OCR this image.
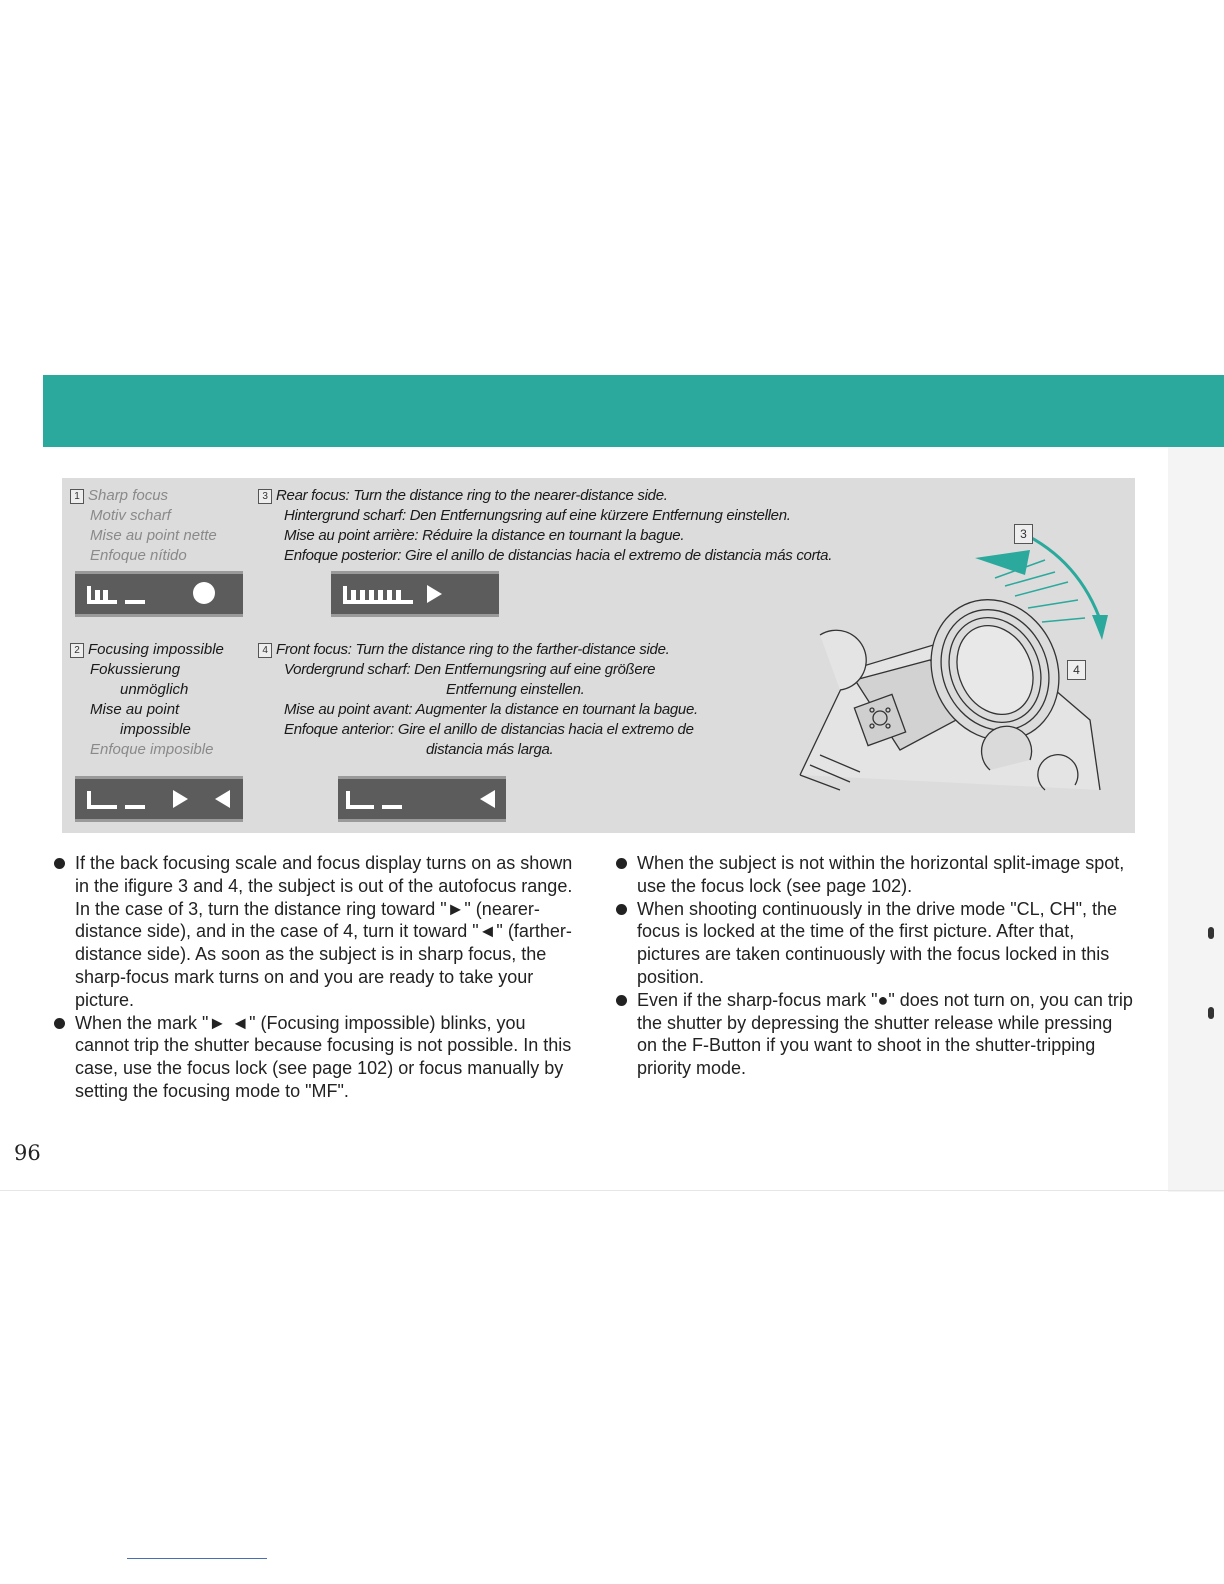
1 Sharp focus
Motiv scharf
Mise au point nette
Enfoque nítido
2 Focusing impossible
Fokussierung
unmöglich
Mise au point
impossible
Enfoque imposible
3 Rear focus: Turn the distance ring to the nearer-distance side.
Hintergrund scharf: Den Entfernungsring auf eine kürzere Entfernung einstellen.
Mise au point arrière: Réduire la distance en tournant la bague.
Enfoque posterior: Gire el anillo de distancias hacia el extremo de distancia más corta.
4 Front focus: Turn the distance ring to the farther-distance side.
Vordergrund scharf: Den Entfernungsring auf eine größere
Entfernung einstellen.
Mise au point avant: Augmenter la distance en tournant la bague.
Enfoque anterior: Gire el anillo de distancias hacia el extremo de
distancia más larga.
3
4
If the back focusing scale and focus display turns on as shown in the ifigure 3 and 4, the subject is out of the autofocus range. In the case of 3, turn the distance ring toward "►" (nearer-distance side), and in the case of 4, turn it toward "◄" (farther-distance side). As soon as the subject is in sharp focus, the sharp-focus mark turns on and you are ready to take your picture.
When the mark "► ◄" (Focusing impossible) blinks, you cannot trip the shutter because focusing is not possible. In this case, use the focus lock (see page 102) or focus manually by setting the focusing mode to "MF".
When the subject is not within the horizontal split-image spot, use the focus lock (see page 102).
When shooting continuously in the drive mode "CL, CH", the focus is locked at the time of the first picture. After that, pictures are taken continuously with the focus locked in this position.
Even if the sharp-focus mark "●" does not turn on, you can trip the shutter by depressing the shutter release while pressing on the F-Button if you want to shoot in the shutter-tripping priority mode.
96
